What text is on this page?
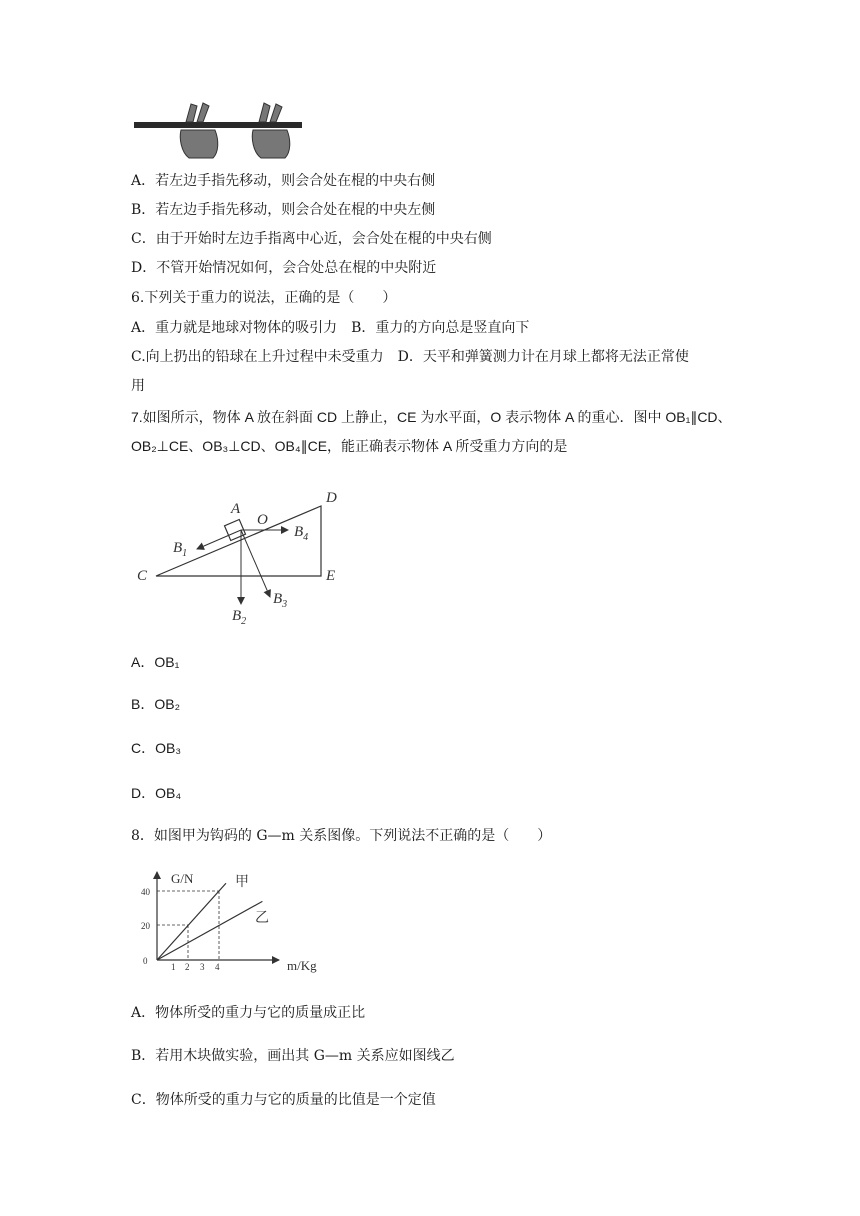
A．若左边手指先移动，则会合处在棍的中央右侧
B．若左边手指先移动，则会合处在棍的中央左侧
C．由于开始时左边手指离中心近，会合处在棍的中央右侧
D．不管开始情况如何，会合处总在棍的中央附近
6.下列关于重力的说法，正确的是（　　）
A．重力就是地球对物体的吸引力　B．重力的方向总是竖直向下
C.向上扔出的铅球在上升过程中未受重力　D．天平和弹簧测力计在月球上都将无法正常使
用
7.如图所示，物体 A 放在斜面 CD 上静止，CE 为水平面，O 表示物体 A 的重心．图中 OB₁∥CD、
OB₂⊥CE、OB₃⊥CD、OB₄∥CE，能正确表示物体 A 所受重力方向的是
A
O
D
C	E
$B_1$
$B_2$
$B_3$
$B_4$
A．OB₁
B．OB₂
C．OB₃
D．OB₄
8．如图甲为钩码的 G—m 关系图像。下列说法不正确的是（　　）
G/N
m/Kg
0
40
20
1 2 3 4
甲
乙
A．物体所受的重力与它的质量成正比
B．若用木块做实验，画出其 G—m 关系应如图线乙
C．物体所受的重力与它的质量的比值是一个定值
